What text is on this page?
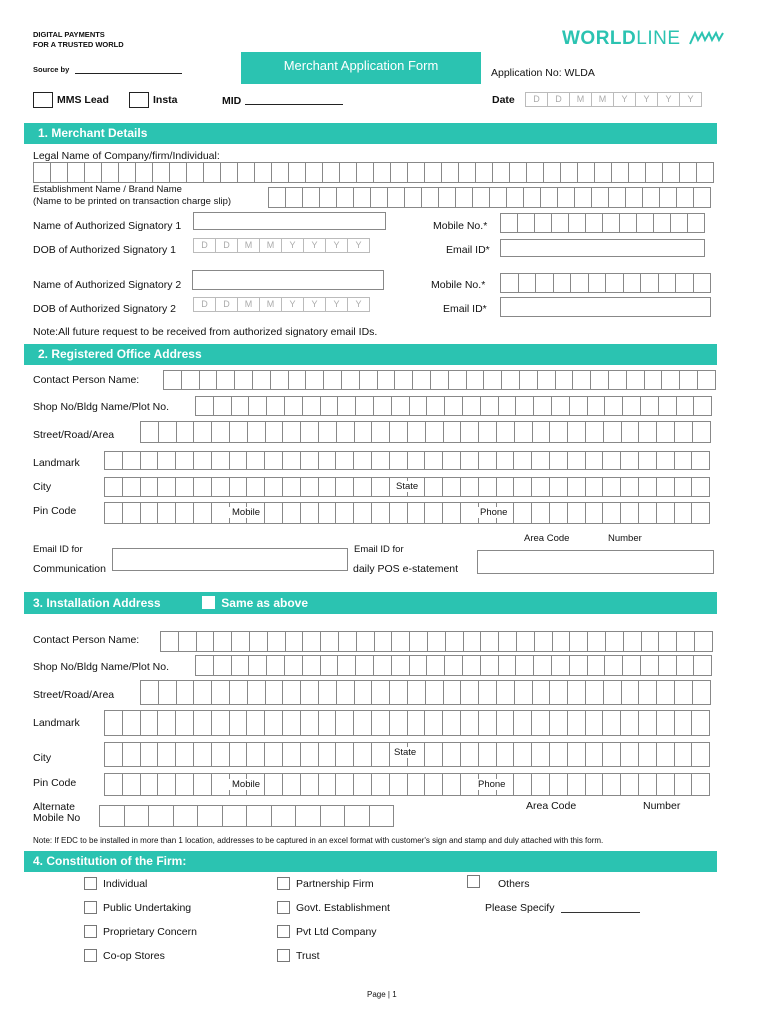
DIGITAL PAYMENTS
FOR A TRUSTED WORLD	WORLDLINE
Merchant Application Form
Source by	Application No: WLDA
MMS Lead	Insta	MID	Date	D	D	M	M	Y	Y	Y	Y
1. Merchant Details
Legal Name of Company/firm/Individual:
Establishment Name / Brand Name
(Name to be printed on transaction charge slip)
Name of Authorized Signatory 1	Mobile No.*
DOB of Authorized Signatory 1	D	D	M	M	Y	Y	Y	Y	Email ID*
Name of Authorized Signatory 2	Mobile No.*
DOB of Authorized Signatory 2	D	D	M	M	Y	Y	Y	Y	Email ID*
Note:All future request to be received from authorized signatory email IDs.
2. Registered Office Address
Contact Person Name:
Shop No/Bldg Name/Plot No.
Street/Road/Area
Landmark
City	State
Pin Code	Mobile	Phone
Area Code	Number
Email ID for
Communication
Email ID for
daily POS e-statement
3. Installation Address	Same as above
Contact Person Name:
Shop No/Bldg Name/Plot No.
Street/Road/Area
Landmark
City	State
Pin Code	Mobile	Phone
Alternate
Mobile No
Area Code	Number
Note: If EDC to be installed in more than 1 location, addresses to be captured in an excel format with customer's sign and stamp and duly attached with this form.
4. Constitution of the Firm:
Individual
Public Undertaking
Proprietary Concern
Co-op Stores
Partnership Firm
Govt. Establishment
Pvt Ltd Company
Trust
Others
Please Specify
Page | 1
